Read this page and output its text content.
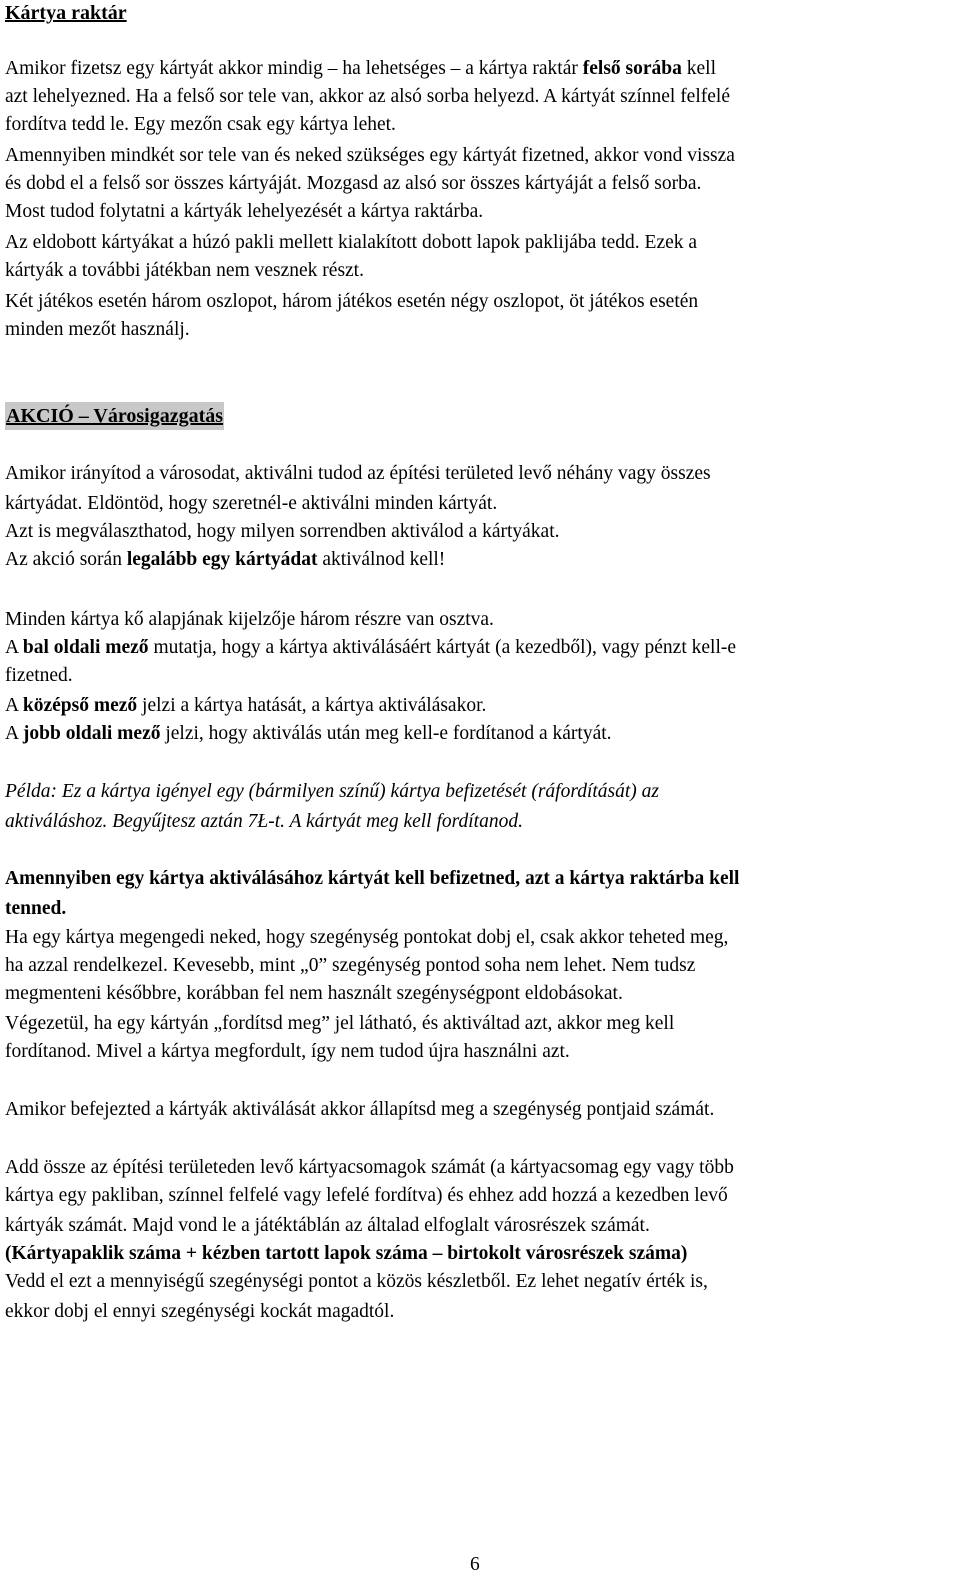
Kártya raktár
Amikor fizetsz egy kártyát akkor mindig – ha lehetséges – a kártya raktár felső sorába kell
azt lehelyezned. Ha a felső sor tele van, akkor az alsó sorba helyezd. A kártyát színnel felfelé
fordítva tedd le. Egy mezőn csak egy kártya lehet.
Amennyiben mindkét sor tele van és neked szükséges egy kártyát fizetned, akkor vond vissza
és dobd el a felső sor összes kártyáját. Mozgasd az alsó sor összes kártyáját a felső sorba.
Most tudod folytatni a kártyák lehelyezését a kártya raktárba.
Az eldobott kártyákat a húzó pakli mellett kialakított dobott lapok paklijába tedd. Ezek a
kártyák a további játékban nem vesznek részt.
Két játékos esetén három oszlopot, három játékos esetén négy oszlopot, öt játékos esetén
minden mezőt használj.
AKCIÓ – Városigazgatás
Amikor irányítod a városodat, aktiválni tudod az építési területed levő néhány vagy összes
kártyádat. Eldöntöd, hogy szeretnél-e aktiválni minden kártyát.
Azt is megválaszthatod, hogy milyen sorrendben aktiválod a kártyákat.
Az akció során legalább egy kártyádat aktiválnod kell!
Minden kártya kő alapjának kijelzője három részre van osztva.
A bal oldali mező mutatja, hogy a kártya aktiválásáért kártyát (a kezedből), vagy pénzt kell-e
fizetned.
A középső mező jelzi a kártya hatását, a kártya aktiválásakor.
A jobb oldali mező jelzi, hogy aktiválás után meg kell-e fordítanod a kártyát.
Példa: Ez a kártya igényel egy (bármilyen színű) kártya befizetését (ráfordítását) az
aktiváláshoz. Begyűjtesz aztán 7Ł-t. A kártyát meg kell fordítanod.
Amennyiben egy kártya aktiválásához kártyát kell befizetned, azt a kártya raktárba kell
tenned.
Ha egy kártya megengedi neked, hogy szegénység pontokat dobj el, csak akkor teheted meg,
ha azzal rendelkezel. Kevesebb, mint „0” szegénység pontod soha nem lehet. Nem tudsz
megmenteni későbbre, korábban fel nem használt szegénységpont eldobásokat.
Végezetül, ha egy kártyán „fordítsd meg” jel látható, és aktiváltad azt, akkor meg kell
fordítanod. Mivel a kártya megfordult, így nem tudod újra használni azt.
Amikor befejezted a kártyák aktiválását akkor állapítsd meg a szegénység pontjaid számát.
Add össze az építési területeden levő kártyacsomagok számát (a kártyacsomag egy vagy több
kártya egy pakliban, színnel felfelé vagy lefelé fordítva) és ehhez add hozzá a kezedben levő
kártyák számát. Majd vond le a játéktáblán az általad elfoglalt városrészek számát.
(Kártyapaklik száma + kézben tartott lapok száma – birtokolt városrészek száma)
Vedd el ezt a mennyiségű szegénységi pontot a közös készletből. Ez lehet negatív érték is,
ekkor dobj el ennyi szegénységi kockát magadtól.
6
